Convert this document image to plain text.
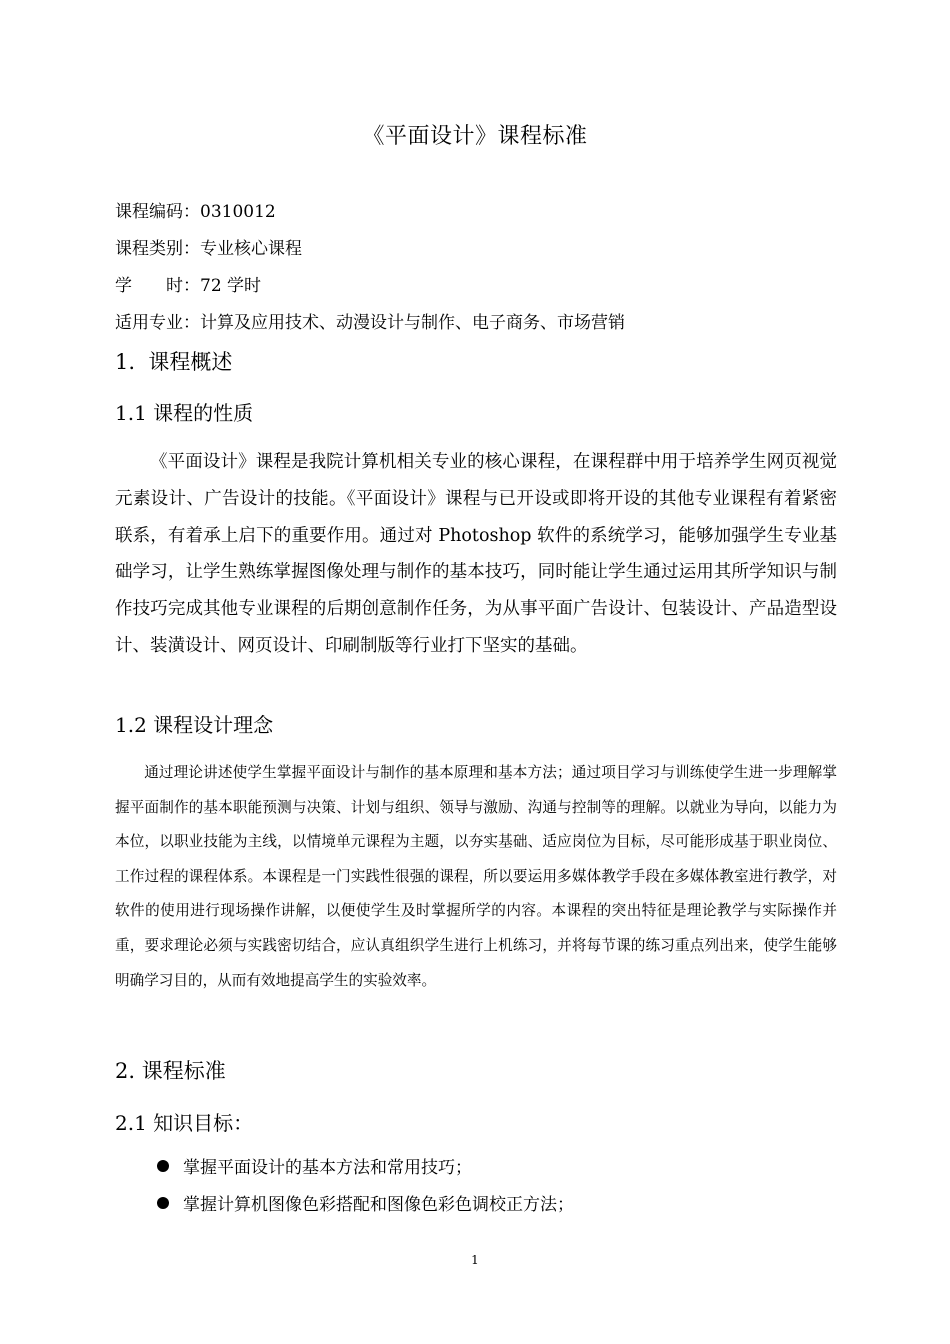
《平面设计》课程标准
课程编码：0310012
课程类别：专业核心课程
学　　时：72 学时
适用专业：计算及应用技术、动漫设计与制作、电子商务、市场营销
1.  课程概述
1.1 课程的性质

《平面设计》课程是我院计算机相关专业的核心课程，在课程群中用于培养学生网页视觉元素设计、广告设计的技能。《平面设计》课程与已开设或即将开设的其他专业课程有着紧密联系，有着承上启下的重要作用。通过对 Photoshop 软件的系统学习，能够加强学生专业基础学习，让学生熟练掌握图像处理与制作的基本技巧，同时能让学生通过运用其所学知识与制作技巧完成其他专业课程的后期创意制作任务，为从事平面广告设计、包装设计、产品造型设计、装潢设计、网页设计、印刷制版等行业打下坚实的基础。

1.2 课程设计理念

通过理论讲述使学生掌握平面设计与制作的基本原理和基本方法；通过项目学习与训练使学生进一步理解掌握平面制作的基本职能预测与决策、计划与组织、领导与激励、沟通与控制等的理解。以就业为导向，以能力为本位，以职业技能为主线，以情境单元课程为主题，以夯实基础、适应岗位为目标，尽可能形成基于职业岗位、工作过程的课程体系。本课程是一门实践性很强的课程，所以要运用多媒体教学手段在多媒体教室进行教学，对软件的使用进行现场操作讲解，以便使学生及时掌握所学的内容。本课程的突出特征是理论教学与实际操作并重，要求理论必须与实践密切结合，应认真组织学生进行上机练习，并将每节课的练习重点列出来，使学生能够明确学习目的，从而有效地提高学生的实验效率。

2. 课程标准
2.1 知识目标：
掌握平面设计的基本方法和常用技巧；
掌握计算机图像色彩搭配和图像色彩色调校正方法；
1
